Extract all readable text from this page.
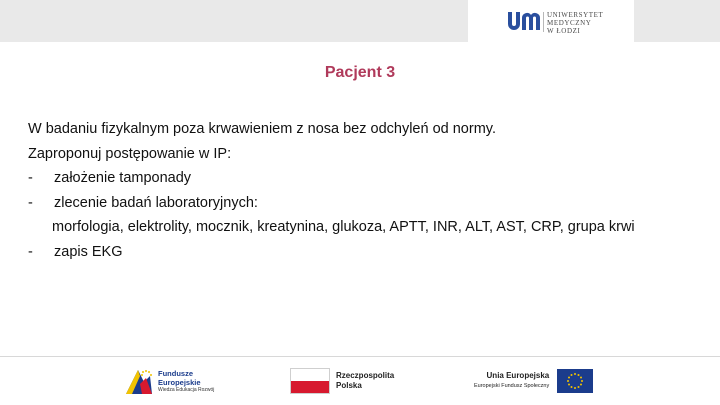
UNIWERSYTET
MEDYCZNY
W ŁODZI
Pacjent 3
W badaniu fizykalnym poza krwawieniem z nosa bez odchyleń od normy.
Zaproponuj postępowanie w IP:
-	założenie tamponady
-	zlecenie badań laboratoryjnych:
morfologia, elektrolity, mocznik, kreatynina, glukoza, APTT, INR, ALT, AST, CRP, grupa krwi
-	zapis EKG
Fundusze
Europejskie
Wiedza Edukacja Rozwój
Rzeczpospolita
Polska
Unia Europejska
Europejski Fundusz Społeczny
